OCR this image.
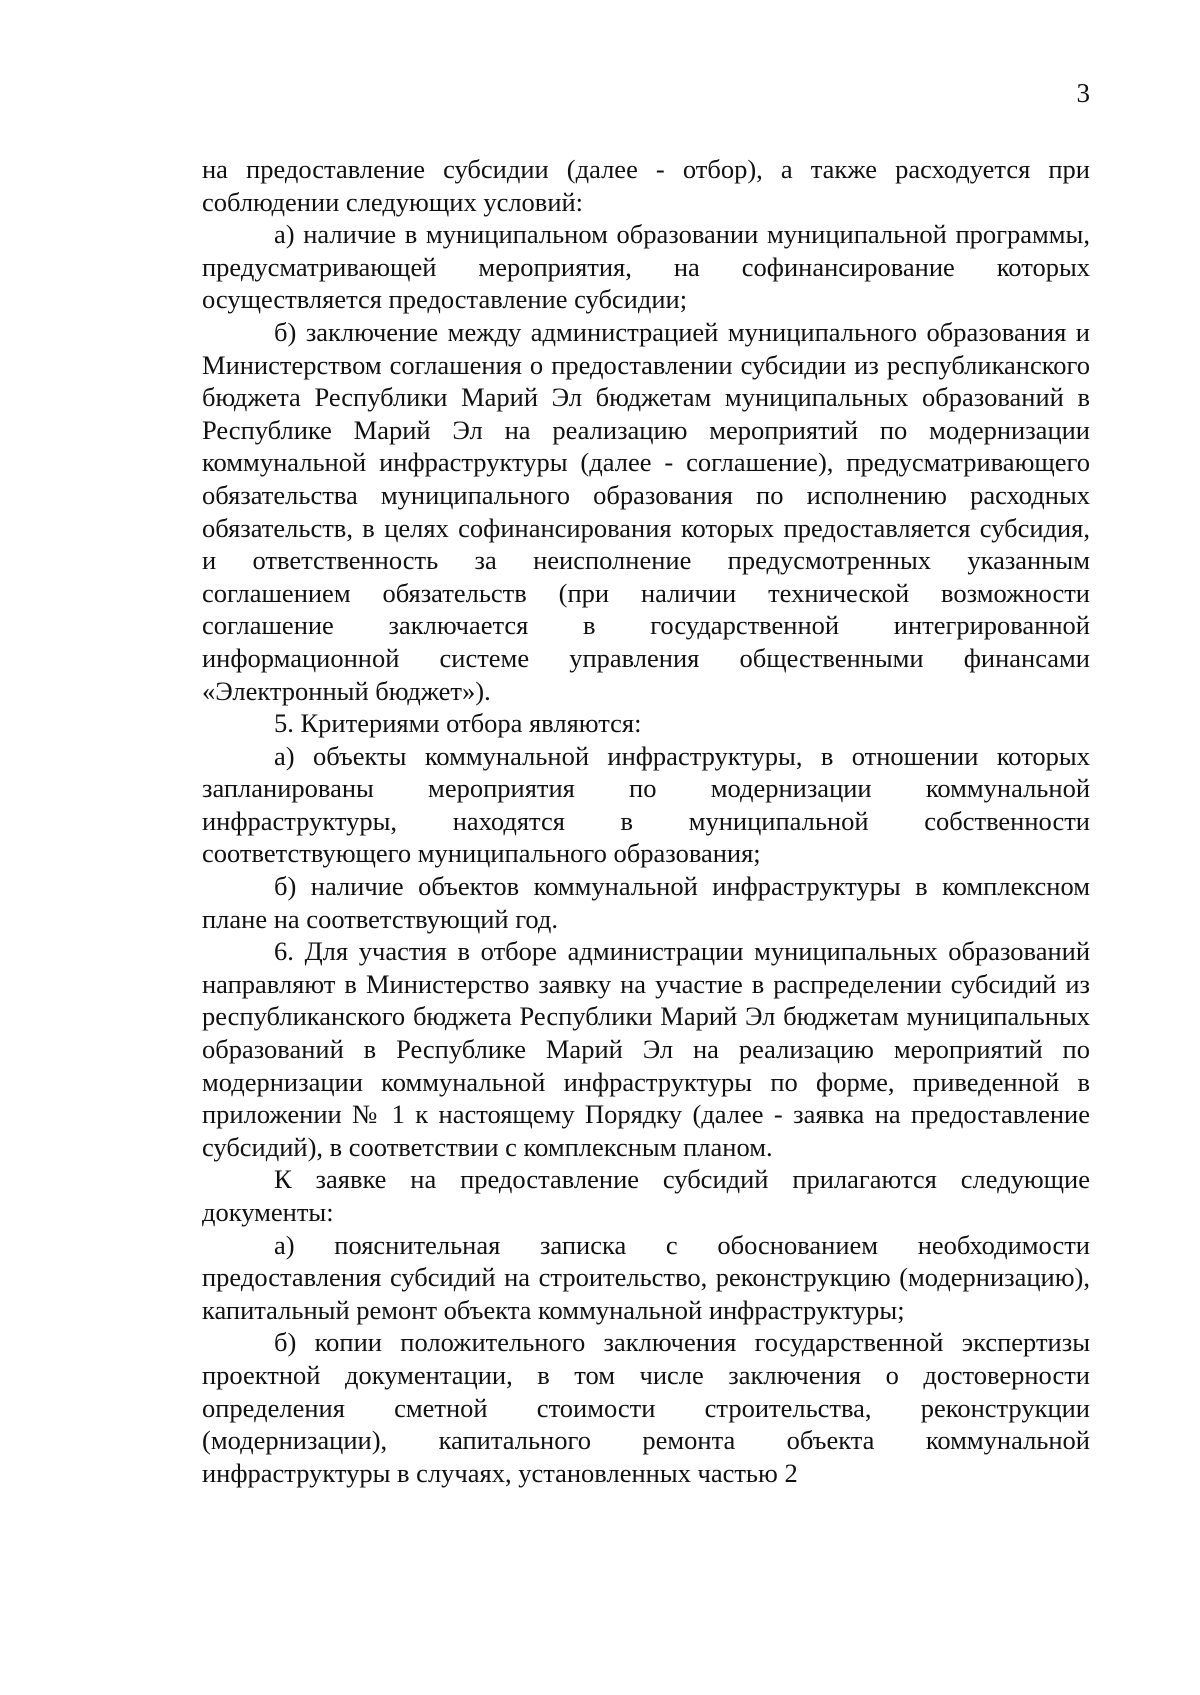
3

на предоставление субсидии (далее - отбор), а также расходуется при соблюдении следующих условий:

а) наличие в муниципальном образовании муниципальной программы, предусматривающей мероприятия, на софинансирование которых осуществляется предоставление субсидии;

б) заключение между администрацией муниципального образования и Министерством соглашения о предоставлении субсидии из республиканского бюджета Республики Марий Эл бюджетам муниципальных образований в Республике Марий Эл на реализацию мероприятий по модернизации коммунальной инфраструктуры (далее - соглашение), предусматривающего обязательства муниципального образования по исполнению расходных обязательств, в целях софинансирования которых предоставляется субсидия, и ответственность за неисполнение предусмотренных указанным соглашением обязательств (при наличии технической возможности соглашение заключается в государственной интегрированной информационной системе управления общественными финансами «Электронный бюджет»).

5. Критериями отбора являются:

а) объекты коммунальной инфраструктуры, в отношении которых запланированы мероприятия по модернизации коммунальной инфраструктуры, находятся в муниципальной собственности соответствующего муниципального образования;

б) наличие объектов коммунальной инфраструктуры в комплексном плане на соответствующий год.

6. Для участия в отборе администрации муниципальных образований направляют в Министерство заявку на участие в распределении субсидий из республиканского бюджета Республики Марий Эл бюджетам муниципальных образований в Республике Марий Эл на реализацию мероприятий по модернизации коммунальной инфраструктуры по форме, приведенной в приложении № 1 к настоящему Порядку (далее - заявка на предоставление субсидий), в соответствии с комплексным планом.

К заявке на предоставление субсидий прилагаются следующие документы:

а) пояснительная записка с обоснованием необходимости предоставления субсидий на строительство, реконструкцию (модернизацию), капитальный ремонт объекта коммунальной инфраструктуры;

б) копии положительного заключения государственной экспертизы проектной документации, в том числе заключения о достоверности определения сметной стоимости строительства, реконструкции (модернизации), капитального ремонта объекта коммунальной инфраструктуры в случаях, установленных частью 2
